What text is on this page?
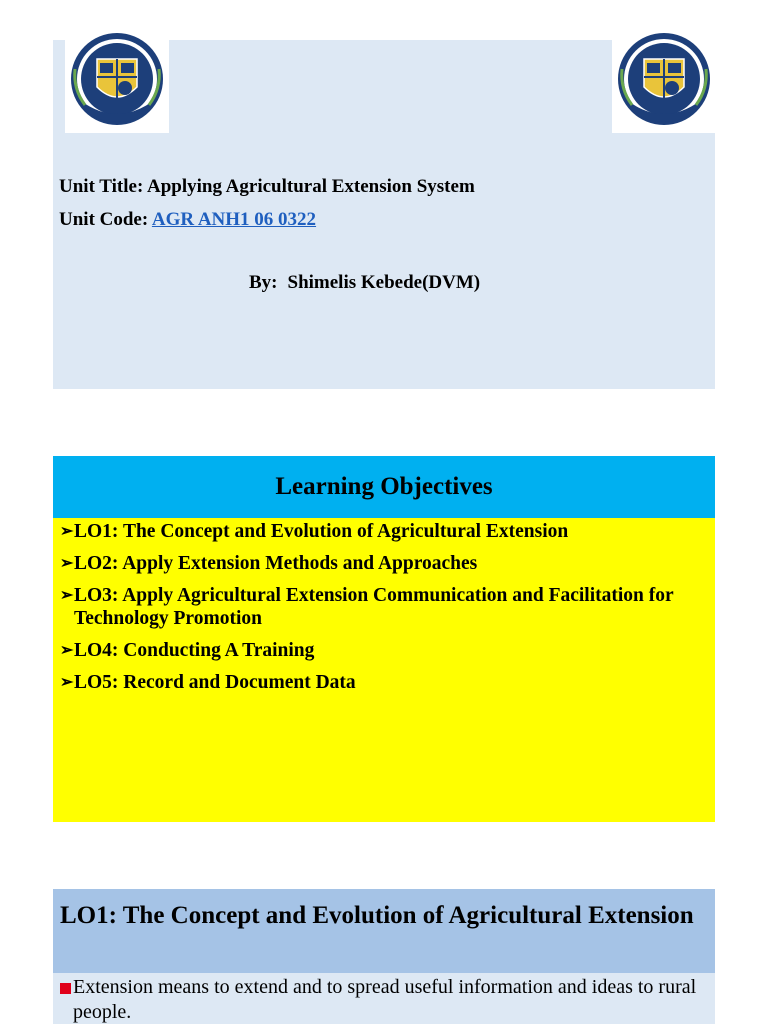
Unit Title: Applying Agricultural Extension System
Unit Code: AGR ANH1 06 0322
By: Shimelis Kebede(DVM)
Learning Objectives
➢ LO1: The Concept and Evolution of Agricultural Extension
➢ LO2: Apply Extension Methods and Approaches
➢ LO3: Apply Agricultural Extension Communication and Facilitation for Technology Promotion
➢ LO4: Conducting A Training
➢ LO5: Record and Document Data
LO1: The Concept and Evolution of Agricultural Extension
Extension means to extend and to spread useful information and ideas to rural people.
